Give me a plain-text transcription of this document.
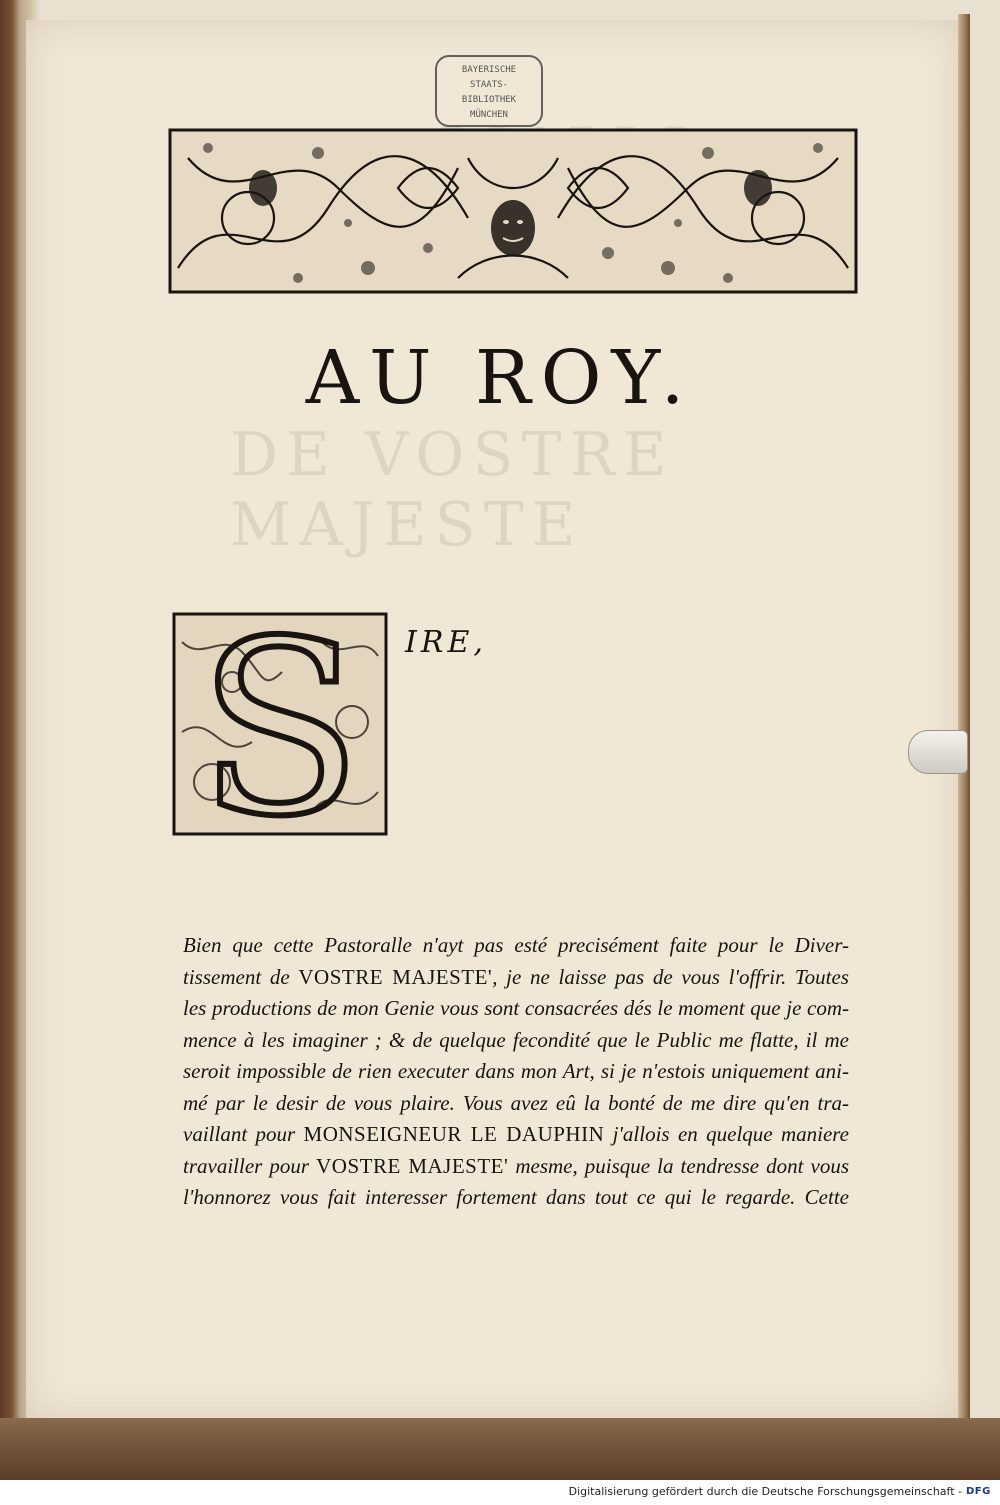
DE VOSTRE MAJESTE
BAYERISCHE
STAATS-
BIBLIOTHEK
MÜNCHEN
AU ROY.
S IRE,
Bien que cette Pastoralle n'ayt pas esté precisément faite pour le Diver-
tissement de VOSTRE MAJESTE', je ne laisse pas de vous l'offrir. Toutes
les productions de mon Genie vous sont consacrées dés le moment que je com-
mence à les imaginer ; & de quelque fecondité que le Public me flatte, il me
seroit impossible de rien executer dans mon Art, si je n'estois uniquement ani-
mé par le desir de vous plaire. Vous avez eû la bonté de me dire qu'en tra-
vaillant pour MONSEIGNEUR LE DAUPHIN j'allois en quelque maniere
travailler pour VOSTRE MAJESTE' mesme, puisque la tendresse dont vous
l'honnorez vous fait interesser fortement dans tout ce qui le regarde. Cette
Digitalisierung gefördert durch die Deutsche Forschungsgemeinschaft - DFG
